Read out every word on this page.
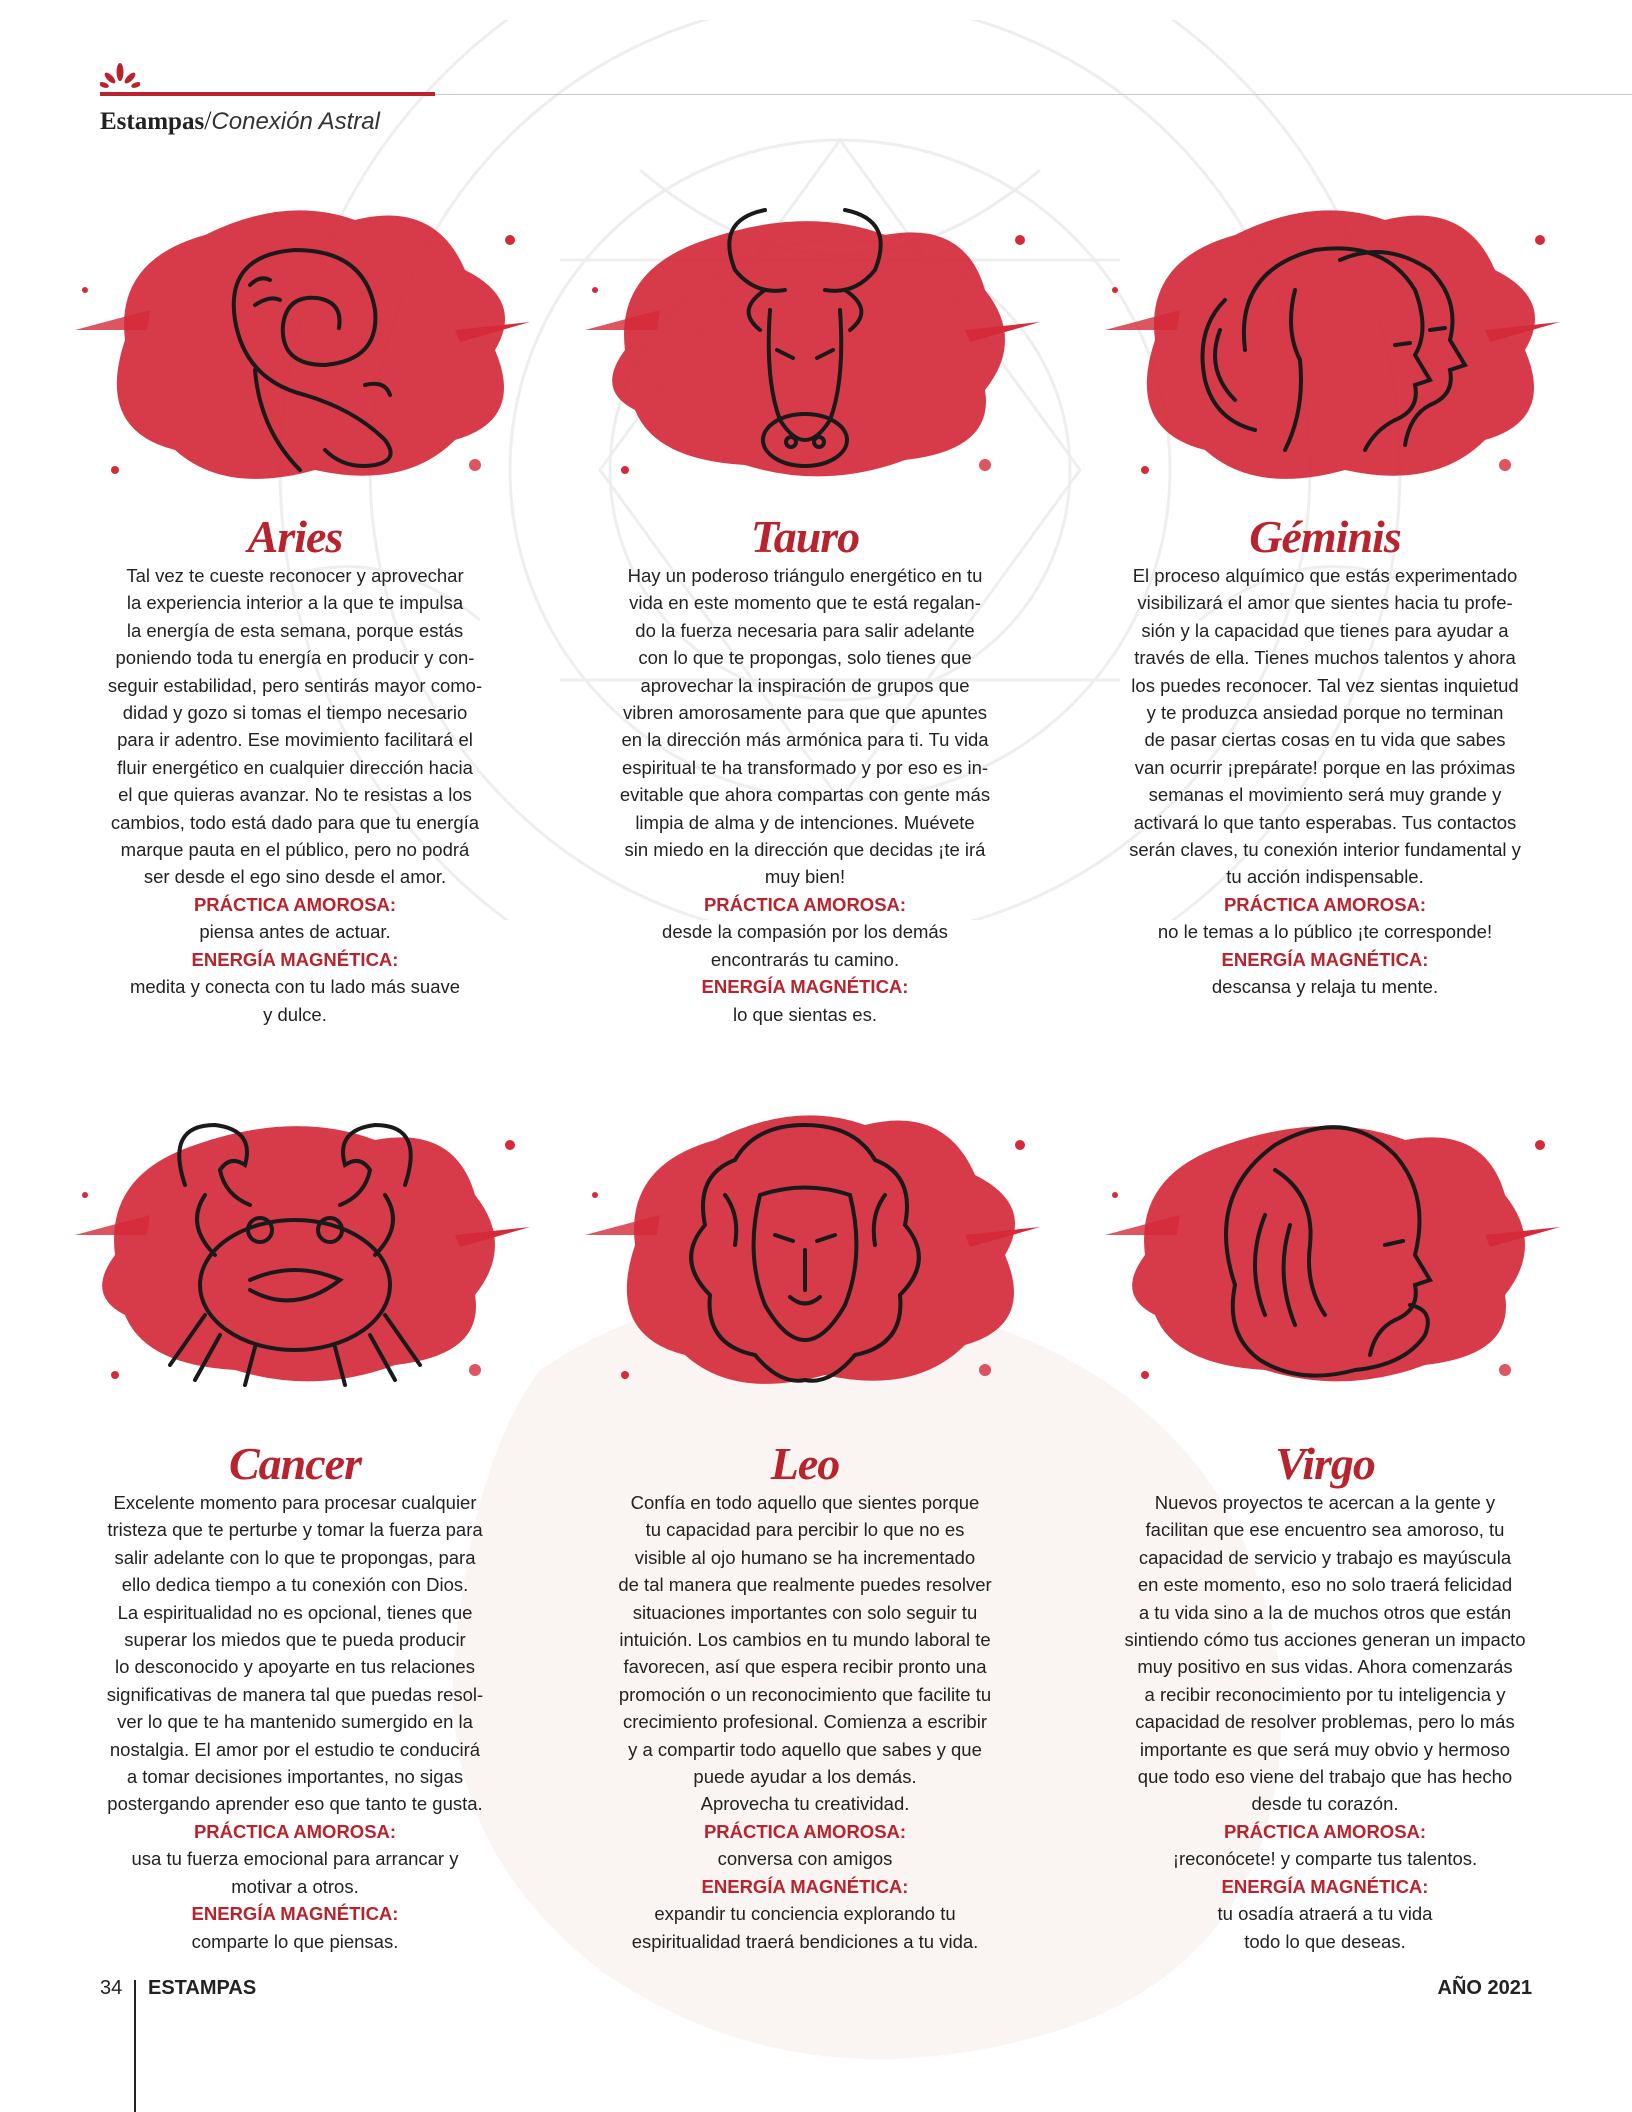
Estampas/Conexión Astral
Aries
Tal vez te cueste reconocer y aprovechar
la experiencia interior a la que te impulsa
la energía de esta semana, porque estás
poniendo toda tu energía en producir y con-
seguir estabilidad, pero sentirás mayor como-
didad y gozo si tomas el tiempo necesario
para ir adentro. Ese movimiento facilitará el
fluir energético en cualquier dirección hacia
el que quieras avanzar. No te resistas a los
cambios, todo está dado para que tu energía
marque pauta en el público, pero no podrá
ser desde el ego sino desde el amor.
PRÁCTICA AMOROSA:
piensa antes de actuar.
ENERGÍA MAGNÉTICA:
medita y conecta con tu lado más suave
y dulce.
Tauro
Hay un poderoso triángulo energético en tu
vida en este momento que te está regalan-
do la fuerza necesaria para salir adelante
con lo que te propongas, solo tienes que
aprovechar la inspiración de grupos que
vibren amorosamente para que que apuntes
en la dirección más armónica para ti. Tu vida
espiritual te ha transformado y por eso es in-
evitable que ahora compartas con gente más
limpia de alma y de intenciones. Muévete
sin miedo en la dirección que decidas ¡te irá
muy bien!
PRÁCTICA AMOROSA:
desde la compasión por los demás
encontrarás tu camino.
ENERGÍA MAGNÉTICA:
lo que sientas es.
Géminis
El proceso alquímico que estás experimentado
visibilizará el amor que sientes hacia tu profe-
sión y la capacidad que tienes para ayudar a
través de ella. Tienes muchos talentos y ahora
los puedes reconocer. Tal vez sientas inquietud
y te produzca ansiedad porque no terminan
de pasar ciertas cosas en tu vida que sabes
van ocurrir ¡prepárate! porque en las próximas
semanas el movimiento será muy grande y
activará lo que tanto esperabas. Tus contactos
serán claves, tu conexión interior fundamental y
tu acción indispensable.
PRÁCTICA AMOROSA:
no le temas a lo público ¡te corresponde!
ENERGÍA MAGNÉTICA:
descansa y relaja tu mente.
Cancer
Excelente momento para procesar cualquier
tristeza que te perturbe y tomar la fuerza para
salir adelante con lo que te propongas, para
ello dedica tiempo a tu conexión con Dios.
La espiritualidad no es opcional, tienes que
superar los miedos que te pueda producir
lo desconocido y apoyarte en tus relaciones
significativas de manera tal que puedas resol-
ver lo que te ha mantenido sumergido en la
nostalgia. El amor por el estudio te conducirá
a tomar decisiones importantes, no sigas
postergando aprender eso que tanto te gusta.
PRÁCTICA AMOROSA:
usa tu fuerza emocional para arrancar y
motivar a otros.
ENERGÍA MAGNÉTICA:
comparte lo que piensas.
Leo
Confía en todo aquello que sientes porque
tu capacidad para percibir lo que no es
visible al ojo humano se ha incrementado
de tal manera que realmente puedes resolver
situaciones importantes con solo seguir tu
intuición. Los cambios en tu mundo laboral te
favorecen, así que espera recibir pronto una
promoción o un reconocimiento que facilite tu
crecimiento profesional. Comienza a escribir
y a compartir todo aquello que sabes y que
puede ayudar a los demás.
Aprovecha tu creatividad.
PRÁCTICA AMOROSA:
conversa con amigos
ENERGÍA MAGNÉTICA:
expandir tu conciencia explorando tu
espiritualidad traerá bendiciones a tu vida.
Virgo
Nuevos proyectos te acercan a la gente y
facilitan que ese encuentro sea amoroso, tu
capacidad de servicio y trabajo es mayúscula
en este momento, eso no solo traerá felicidad
a tu vida sino a la de muchos otros que están
sintiendo cómo tus acciones generan un impacto
muy positivo en sus vidas. Ahora comenzarás
a recibir reconocimiento por tu inteligencia y
capacidad de resolver problemas, pero lo más
importante es que será muy obvio y hermoso
que todo eso viene del trabajo que has hecho
desde tu corazón.
PRÁCTICA AMOROSA:
¡reconócete! y comparte tus talentos.
ENERGÍA MAGNÉTICA:
tu osadía atraerá a tu vida
todo lo que deseas.
34 ESTAMPAS	AÑO 2021
